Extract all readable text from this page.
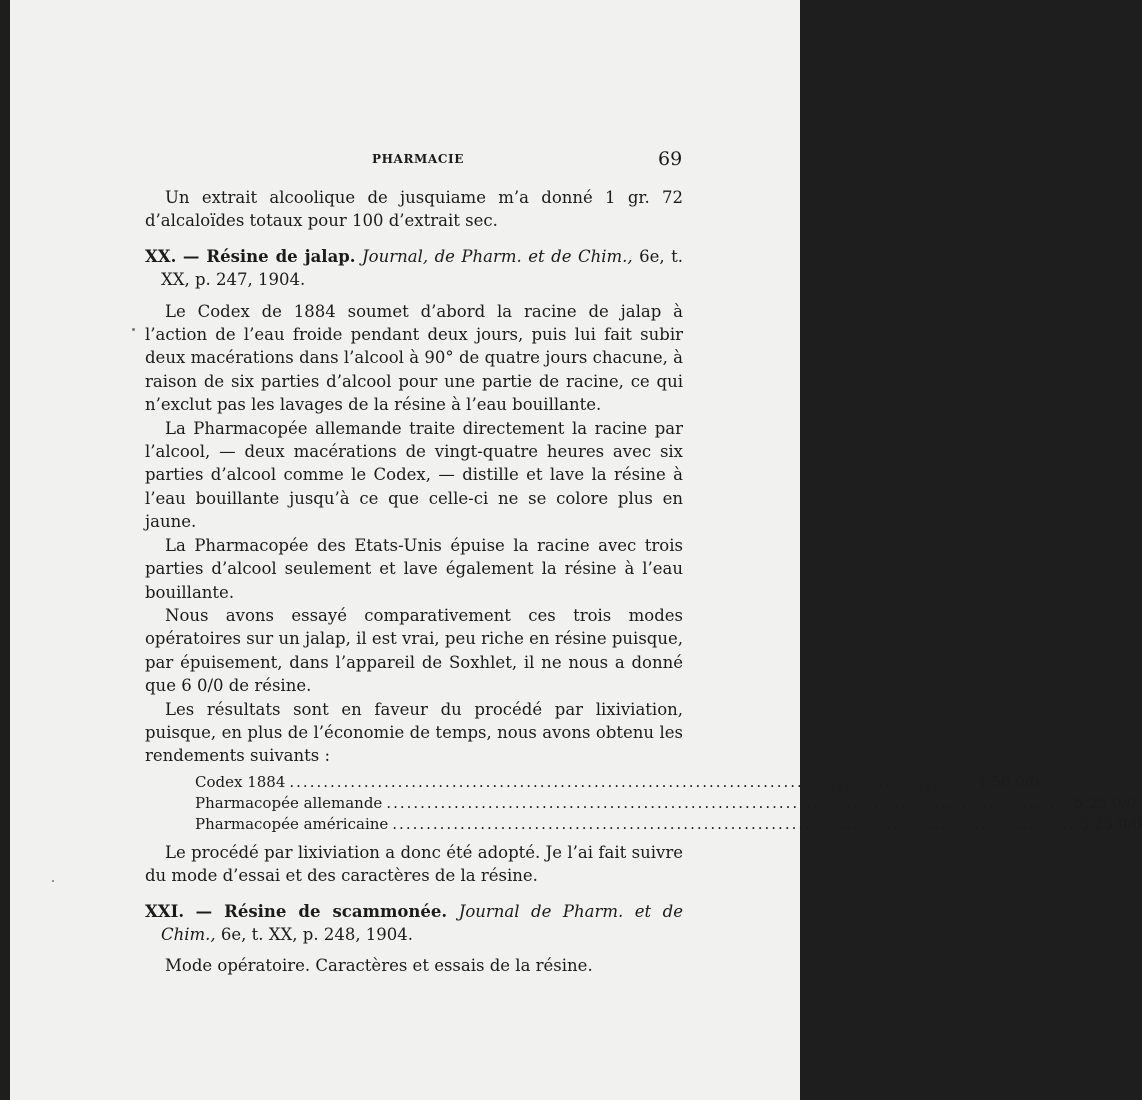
PHARMACIE	69

Un extrait alcoolique de jusquiame m’a donné 1 gr. 72 d’alcaloïdes totaux pour 100 d’extrait sec.

XX. — Résine de jalap. Journal, de Pharm. et de Chim., 6e, t. XX, p. 247, 1904.

Le Codex de 1884 soumet d’abord la racine de jalap à l’action de l’eau froide pendant deux jours, puis lui fait subir deux macérations dans l’alcool à 90° de quatre jours chacune, à raison de six parties d’alcool pour une partie de racine, ce qui n’exclut pas les lavages de la résine à l’eau bouillante.

La Pharmacopée allemande traite directement la racine par l’alcool, — deux macérations de vingt-quatre heures avec six parties d’alcool comme le Codex, — distille et lave la résine à l’eau bouillante jusqu’à ce que celle-ci ne se colore plus en jaune.

La Pharmacopée des Etats-Unis épuise la racine avec trois parties d’alcool seulement et lave également la résine à l’eau bouillante.

Nous avons essayé comparativement ces trois modes opératoires sur un jalap, il est vrai, peu riche en résine puisque, par épuisement, dans l’appareil de Soxhlet, il ne nous a donné que 6 0/0 de résine.

Les résultats sont en faveur du procédé par lixiviation, puisque, en plus de l’économie de temps, nous avons obtenu les rendements suivants :

Codex 1884 ..................................................................................................... 4,50 0/0
Pharmacopée allemande ..................................................................................................... 5,25 0/0
Pharmacopée américaine ..................................................................................................... 5,25 0/0

Le procédé par lixiviation a donc été adopté. Je l’ai fait suivre du mode d’essai et des caractères de la résine.

XXI. — Résine de scammonée. Journal de Pharm. et de Chim., 6e, t. XX, p. 248, 1904.

Mode opératoire. Caractères et essais de la résine.
